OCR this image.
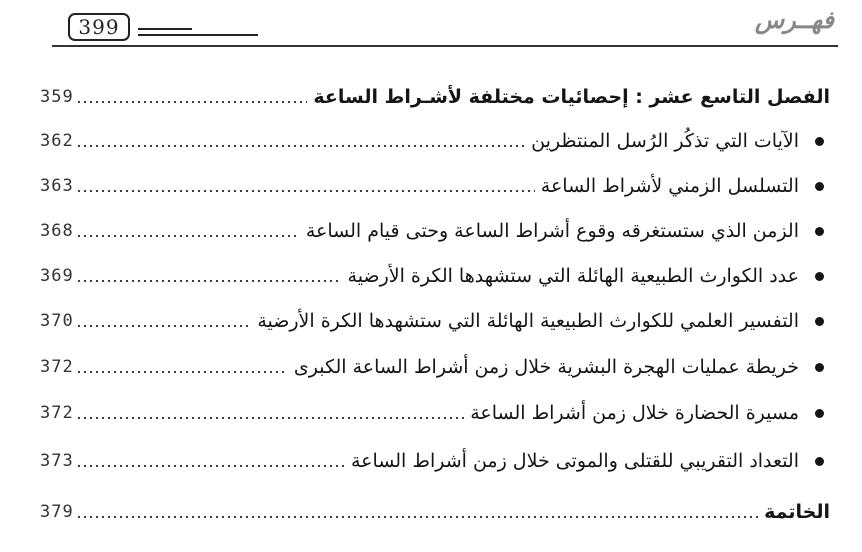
399	فهــرس
359	الفصل التاسع عشر : إحصائيات مختلفة لأشـراط الساعة
362	الآيات التي تذكُر الرُسل المنتظرين
363	التسلسل الزمني لأشراط الساعة
368	الزمن الذي ستستغرقه وقوع أشراط الساعة وحتى قيام الساعة
369	عدد الكوارث الطبيعية الهائلة التي ستشهدها الكرة الأرضية
370	التفسير العلمي للكوارث الطبيعية الهائلة التي ستشهدها الكرة الأرضية
372	خريطة عمليات الهجرة البشرية خلال زمن أشراط الساعة الكبرى
372	مسيرة الحضارة خلال زمن أشراط الساعة
373	التعداد التقريبي للقتلى والموتى خلال زمن أشراط الساعة
379	الخاتمة
